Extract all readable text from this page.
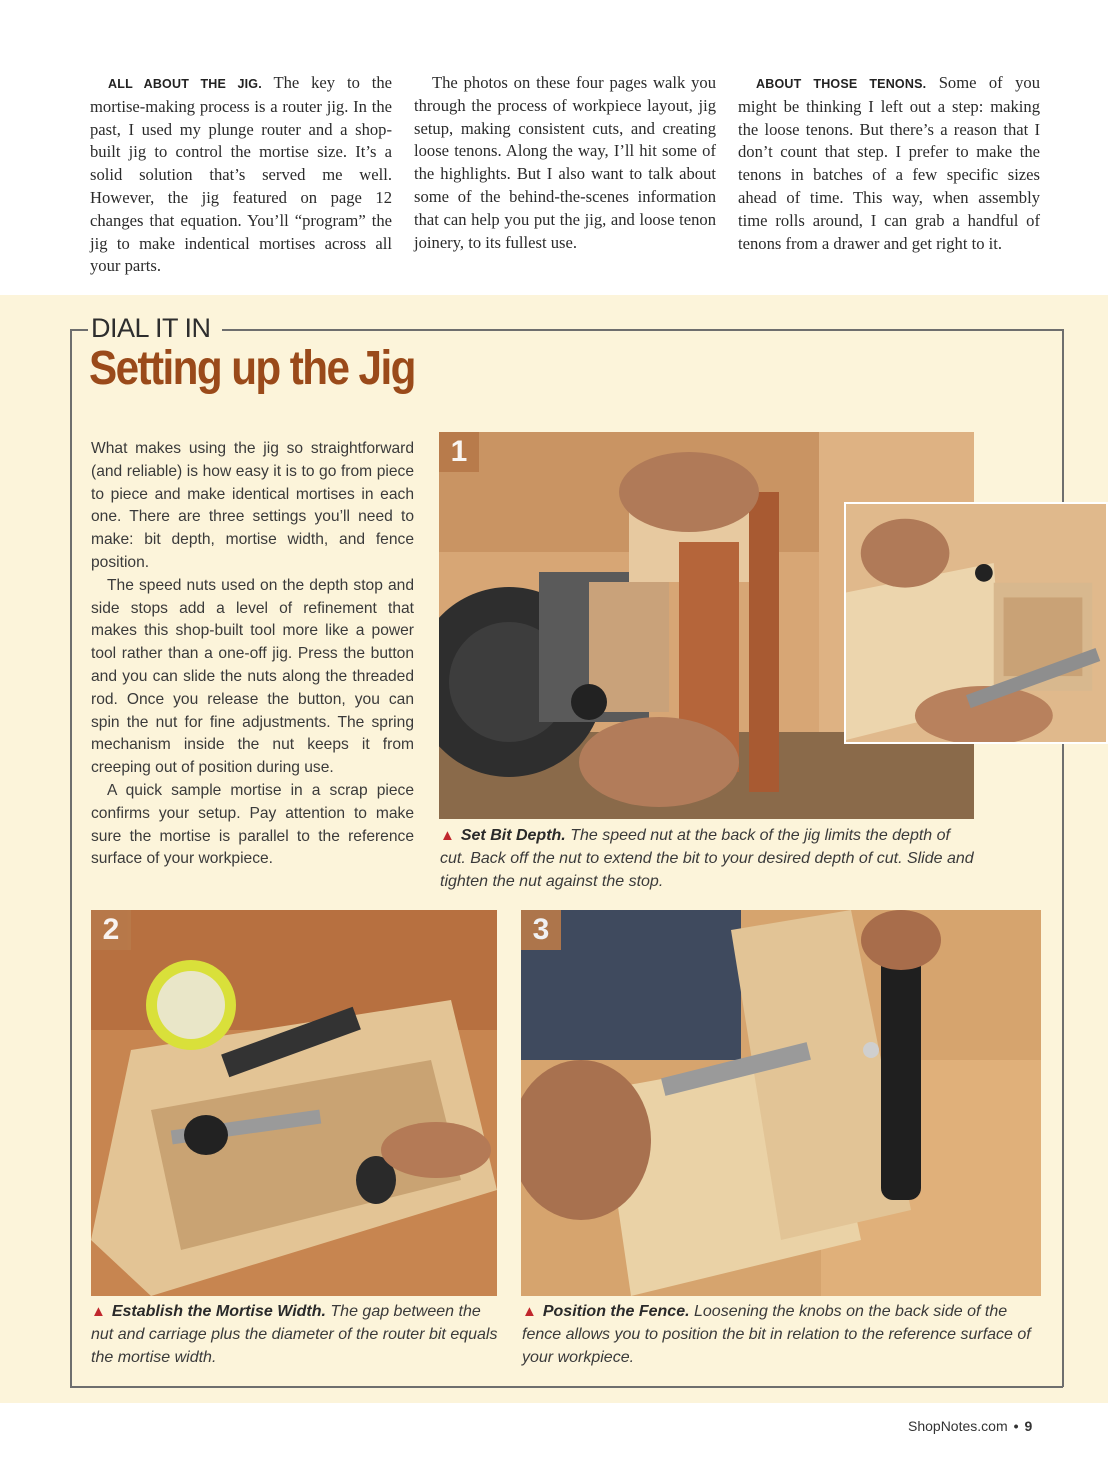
ALL ABOUT THE JIG. The key to the mortise-making process is a router jig. In the past, I used my plunge router and a shop-built jig to control the mortise size. It’s a solid solution that’s served me well. However, the jig featured on page 12 changes that equation. You’ll “program” the jig to make indentical mortises across all your parts.
The photos on these four pages walk you through the process of workpiece layout, jig setup, making consistent cuts, and creating loose tenons. Along the way, I’ll hit some of the highlights. But I also want to talk about some of the behind-the-scenes information that can help you put the jig, and loose tenon joinery, to its fullest use.
ABOUT THOSE TENONS. Some of you might be thinking I left out a step: making the loose tenons. But there’s a reason that I don’t count that step. I prefer to make the tenons in batches of a few specific sizes ahead of time. This way, when assembly time rolls around, I can grab a handful of tenons from a drawer and get right to it.
DIAL IT IN
Setting up the Jig

What makes using the jig so straightforward (and reliable) is how easy it is to go from piece to piece and make identical mortises in each one. There are three settings you’ll need to make: bit depth, mortise width, and fence position.

The speed nuts used on the depth stop and side stops add a level of refinement that makes this shop-built tool more like a power tool rather than a one-off jig. Press the button and you can slide the nuts along the threaded rod. Once you release the button, you can spin the nut for fine adjustments. The spring mechanism inside the nut keeps it from creeping out of position during use.

A quick sample mortise in a scrap piece confirms your setup. Pay attention to make sure the mortise is parallel to the reference surface of your workpiece.

1
▲ Set Bit Depth. The speed nut at the back of the jig limits the depth of cut. Back off the nut to extend the bit to your desired depth of cut. Slide and tighten the nut against the stop.
2
▲ Establish the Mortise Width. The gap between the nut and carriage plus the diameter of the router bit equals the mortise width.
3
▲ Position the Fence. Loosening the knobs on the back side of the fence allows you to position the bit in relation to the reference surface of your workpiece.
ShopNotes.com • 9
